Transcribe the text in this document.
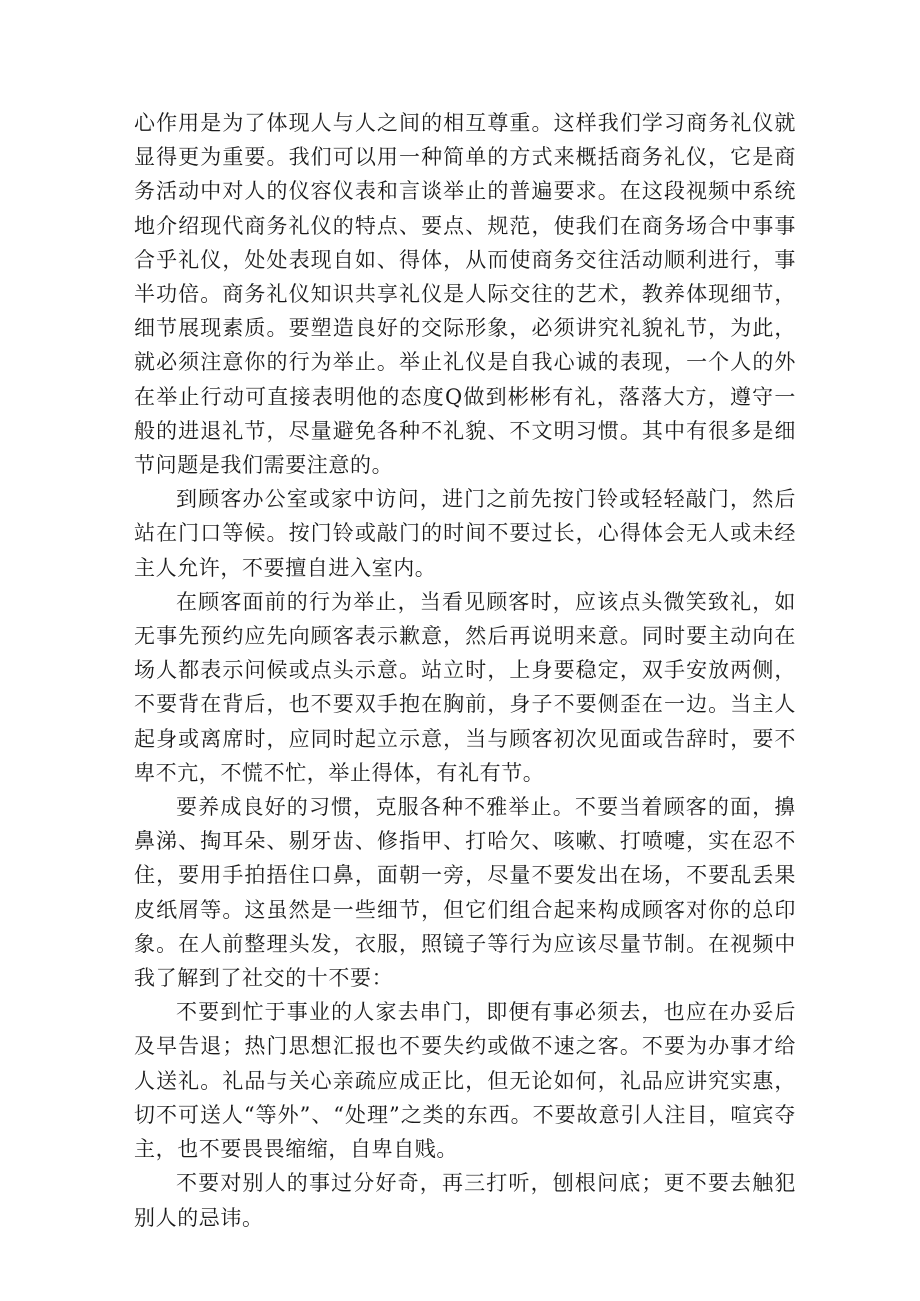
心作用是为了体现人与人之间的相互尊重。这样我们学习商务礼仪就显得更为重要。我们可以用一种简单的方式来概括商务礼仪，它是商务活动中对人的仪容仪表和言谈举止的普遍要求。在这段视频中系统地介绍现代商务礼仪的特点、要点、规范，使我们在商务场合中事事合乎礼仪，处处表现自如、得体，从而使商务交往活动顺利进行，事半功倍。商务礼仪知识共享礼仪是人际交往的艺术，教养体现细节，细节展现素质。要塑造良好的交际形象，必须讲究礼貌礼节，为此，就必须注意你的行为举止。举止礼仪是自我心诚的表现，一个人的外在举止行动可直接表明他的态度Q做到彬彬有礼，落落大方，遵守一般的进退礼节，尽量避免各种不礼貌、不文明习惯。其中有很多是细节问题是我们需要注意的。

到顾客办公室或家中访问，进门之前先按门铃或轻轻敲门，然后站在门口等候。按门铃或敲门的时间不要过长，心得体会无人或未经主人允许，不要擅自进入室内。

在顾客面前的行为举止，当看见顾客时，应该点头微笑致礼，如无事先预约应先向顾客表示歉意，然后再说明来意。同时要主动向在场人都表示问候或点头示意。站立时，上身要稳定，双手安放两侧，不要背在背后，也不要双手抱在胸前，身子不要侧歪在一边。当主人起身或离席时，应同时起立示意，当与顾客初次见面或告辞时，要不卑不亢，不慌不忙，举止得体，有礼有节。

要养成良好的习惯，克服各种不雅举止。不要当着顾客的面，擤鼻涕、掏耳朵、剔牙齿、修指甲、打哈欠、咳嗽、打喷嚏，实在忍不住，要用手拍捂住口鼻，面朝一旁，尽量不要发出在场，不要乱丢果皮纸屑等。这虽然是一些细节，但它们组合起来构成顾客对你的总印象。在人前整理头发，衣服，照镜子等行为应该尽量节制。在视频中我了解到了社交的十不要：

不要到忙于事业的人家去串门，即便有事必须去，也应在办妥后及早告退；热门思想汇报也不要失约或做不速之客。不要为办事才给人送礼。礼品与关心亲疏应成正比，但无论如何，礼品应讲究实惠，切不可送人“等外”、“处理”之类的东西。不要故意引人注目，喧宾夺主，也不要畏畏缩缩，自卑自贱。

不要对别人的事过分好奇，再三打听，刨根问底；更不要去触犯别人的忌讳。
